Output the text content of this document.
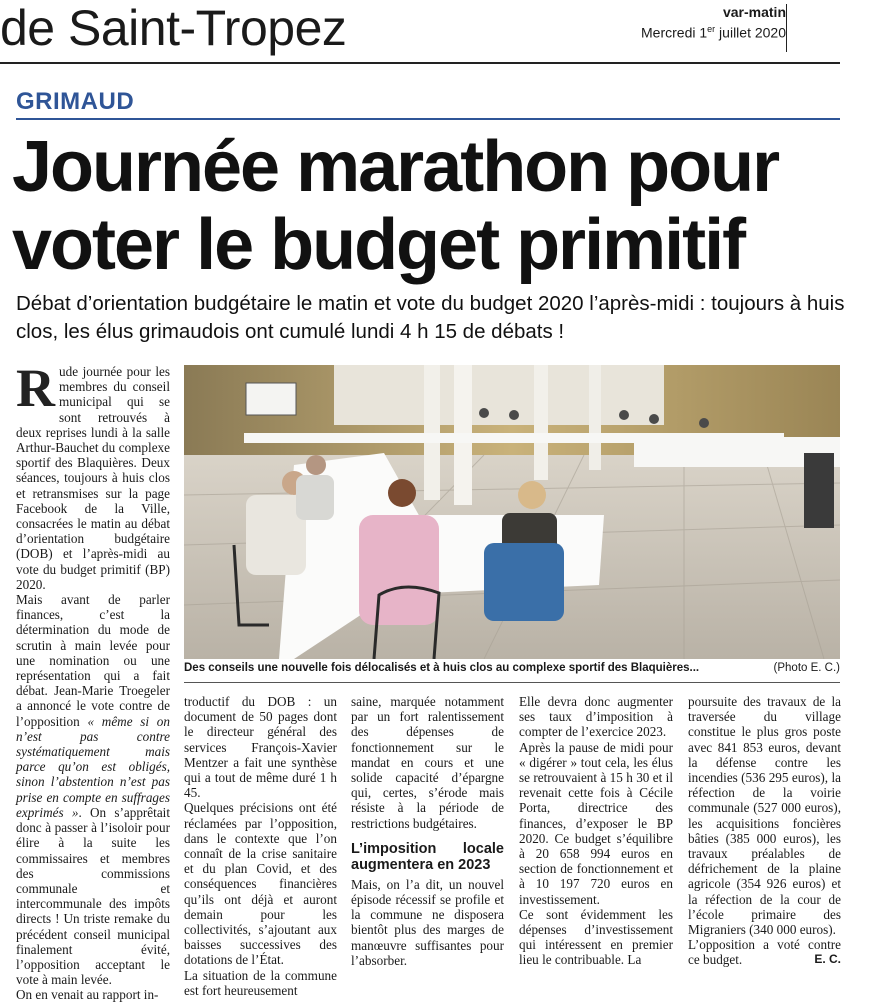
de Saint-Tropez	var-matin
Mercredi 1er juillet 2020
GRIMAUD
Journée marathon pour voter le budget primitif

Débat d’orientation budgétaire le matin et vote du budget 2020 l’après-midi : toujours à huis clos, les élus grimaudois ont cumulé lundi 4 h 15 de débats !

Des conseils une nouvelle fois délocalisés et à huis clos au complexe sportif des Blaquières...	(Photo E. C.)
R ude journée pour les membres du conseil municipal qui se sont retrouvés à deux reprises lundi à la salle Arthur-Bauchet du complexe sportif des Blaquières. Deux séances, toujours à huis clos et retransmises sur la page Facebook de la Ville, consacrées le matin au débat d’orientation budgétaire (DOB) et l’après-midi au vote du budget primitif (BP) 2020.

Mais avant de parler finances, c’est la détermination du mode de scrutin à main levée pour une nomination ou une représentation qui a fait débat. Jean-Marie Troegeler a annoncé le vote contre de l’opposition « même si on n’est pas contre systématiquement mais parce qu’on est obligés, sinon l’abstention n’est pas prise en compte en suffrages exprimés ». On s’apprêtait donc à passer à l’isoloir pour élire à la suite les commissaires et membres des commissions communale et intercommunale des impôts directs ! Un triste remake du précédent conseil municipal finalement évité, l’opposition acceptant le vote à main levée.

On en venait au rapport in-

troductif du DOB : un document de 50 pages dont le directeur général des services François-Xavier Mentzer a fait une synthèse qui a tout de même duré 1 h 45.

Quelques précisions ont été réclamées par l’opposition, dans le contexte que l’on connaît de la crise sanitaire et du plan Covid, et des conséquences financières qu’ils ont déjà et auront demain pour les collectivités, s’ajoutant aux baisses successives des dotations de l’État.

La situation de la commune est fort heureusement

saine, marquée notamment par un fort ralentissement des dépenses de fonctionnement sur le mandat en cours et une solide capacité d’épargne qui, certes, s’érode mais résiste à la période de restrictions budgétaires.

L’imposition locale augmentera en 2023

Mais, on l’a dit, un nouvel épisode récessif se profile et la commune ne disposera bientôt plus des marges de manœuvre suffisantes pour l’absorber.

Elle devra donc augmenter ses taux d’imposition à compter de l’exercice 2023.

Après la pause de midi pour « digérer » tout cela, les élus se retrouvaient à 15 h 30 et il revenait cette fois à Cécile Porta, directrice des finances, d’exposer le BP 2020. Ce budget s’équilibre à 20 658 994 euros en section de fonctionnement et à 10 197 720 euros en investissement.

Ce sont évidemment les dépenses d’investissement qui intéressent en premier lieu le contribuable. La

poursuite des travaux de la traversée du village constitue le plus gros poste avec 841 853 euros, devant la défense contre les incendies (536 295 euros), la réfection de la voirie communale (527 000 euros), les acquisitions foncières bâties (385 000 euros), les travaux préalables de défrichement de la plaine agricole (354 926 euros) et la réfection de la cour de l’école primaire des Migraniers (340 000 euros).

L’opposition a voté contre ce budget.	E. C.
